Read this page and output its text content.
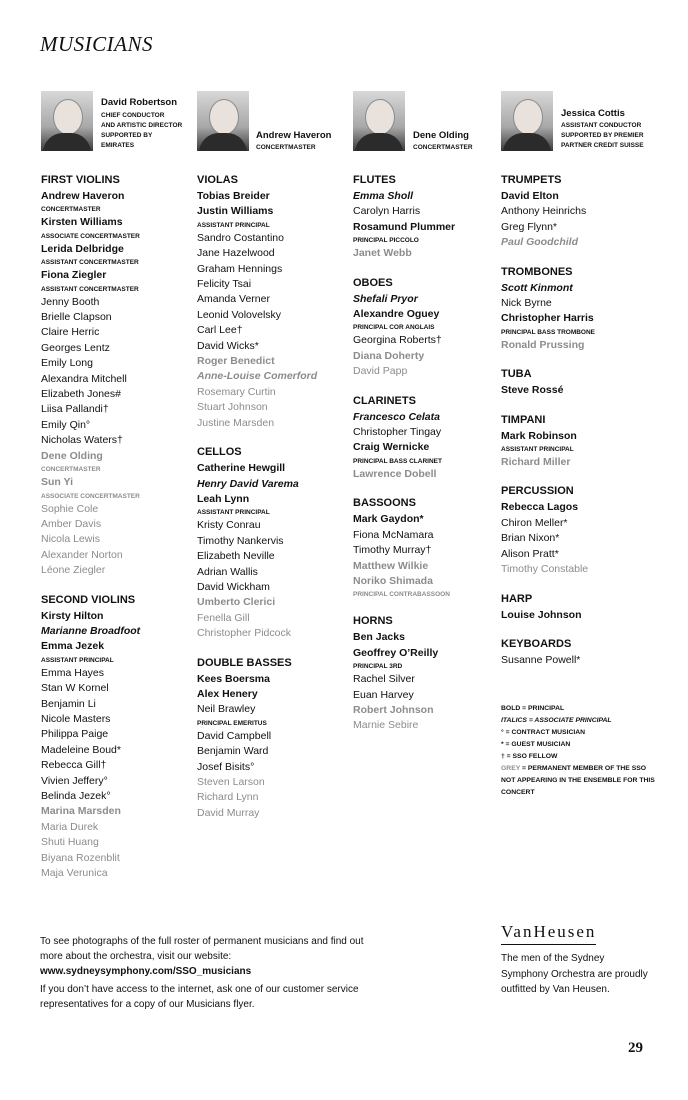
MUSICIANS
David Robertson
CHIEF CONDUCTOR
AND ARTISTIC DIRECTOR
SUPPORTED BY
EMIRATES
Andrew Haveron
CONCERTMASTER
Dene Olding
CONCERTMASTER
Jessica Cottis
ASSISTANT CONDUCTOR
SUPPORTED BY PREMIER
PARTNER CREDIT SUISSE
FIRST VIOLINS
Andrew Haveron
CONCERTMASTER
Kirsten Williams
ASSOCIATE CONCERTMASTER
Lerida Delbridge
ASSISTANT CONCERTMASTER
Fiona Ziegler
ASSISTANT CONCERTMASTER
Jenny Booth
Brielle Clapson
Claire Herric
Georges Lentz
Emily Long
Alexandra Mitchell
Elizabeth Jones#
Liisa Pallandi†
Emily Qin°
Nicholas Waters†
Dene Olding
CONCERTMASTER
Sun Yi
ASSOCIATE CONCERTMASTER
Sophie Cole
Amber Davis
Nicola Lewis
Alexander Norton
Léone Ziegler
SECOND VIOLINS
Kirsty Hilton
Marianne Broadfoot
Emma Jezek
ASSISTANT PRINCIPAL
Emma Hayes
Stan W Kornel
Benjamin Li
Nicole Masters
Philippa Paige
Madeleine Boud*
Rebecca Gill†
Vivien Jeffery°
Belinda Jezek°
Marina Marsden
Maria Durek
Shuti Huang
Biyana Rozenblit
Maja Verunica
VIOLAS
Tobias Breider
Justin Williams
ASSISTANT PRINCIPAL
Sandro Costantino
Jane Hazelwood
Graham Hennings
Felicity Tsai
Amanda Verner
Leonid Volovelsky
Carl Lee†
David Wicks*
Roger Benedict
Anne-Louise Comerford
Rosemary Curtin
Stuart Johnson
Justine Marsden
CELLOS
Catherine Hewgill
Henry David Varema
Leah Lynn
ASSISTANT PRINCIPAL
Kristy Conrau
Timothy Nankervis
Elizabeth Neville
Adrian Wallis
David Wickham
Umberto Clerici
Fenella Gill
Christopher Pidcock
DOUBLE BASSES
Kees Boersma
Alex Henery
Neil Brawley
PRINCIPAL EMERITUS
David Campbell
Benjamin Ward
Josef Bisits°
Steven Larson
Richard Lynn
David Murray
FLUTES
Emma Sholl
Carolyn Harris
Rosamund Plummer
PRINCIPAL PICCOLO
Janet Webb
OBOES
Shefali Pryor
Alexandre Oguey
PRINCIPAL COR ANGLAIS
Georgina Roberts†
Diana Doherty
David Papp
CLARINETS
Francesco Celata
Christopher Tingay
Craig Wernicke
PRINCIPAL BASS CLARINET
Lawrence Dobell
BASSOONS
Mark Gaydon*
Fiona McNamara
Timothy Murray†
Matthew Wilkie
Noriko Shimada
PRINCIPAL CONTRABASSOON
HORNS
Ben Jacks
Geoffrey O’Reilly
PRINCIPAL 3RD
Rachel Silver
Euan Harvey
Robert Johnson
Marnie Sebire
TRUMPETS
David Elton
Anthony Heinrichs
Greg Flynn*
Paul Goodchild
TROMBONES
Scott Kinmont
Nick Byrne
Christopher Harris
PRINCIPAL BASS TROMBONE
Ronald Prussing
TUBA
Steve Rossé
TIMPANI
Mark Robinson
ASSISTANT PRINCIPAL
Richard Miller
PERCUSSION
Rebecca Lagos
Chiron Meller*
Brian Nixon*
Alison Pratt*
Timothy Constable
HARP
Louise Johnson
KEYBOARDS
Susanne Powell*
BOLD = PRINCIPAL
ITALICS = ASSOCIATE PRINCIPAL
° = CONTRACT MUSICIAN
* = GUEST MUSICIAN
† = SSO FELLOW
GREY = PERMANENT MEMBER OF THE SSO NOT APPEARING IN THE ENSEMBLE FOR THIS CONCERT

To see photographs of the full roster of permanent musicians and find out more about the orchestra, visit our website:
www.sydneysymphony.com/SSO_musicians

If you don’t have access to the internet, ask one of our customer service representatives for a copy of our Musicians flyer.

VanHeusen
The men of the Sydney Symphony Orchestra are proudly outfitted by Van Heusen.
29
